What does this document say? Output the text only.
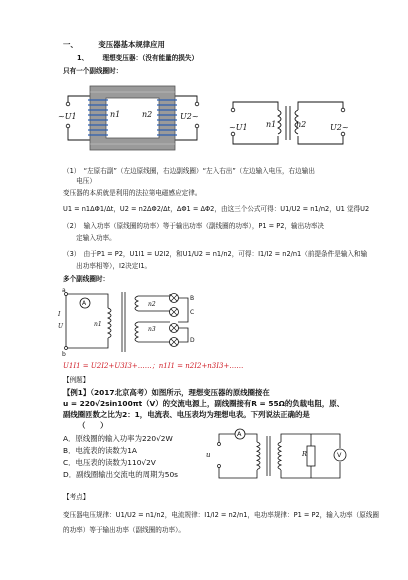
一、	变压器基本规律应用
1、 理想变压器：（没有能量的损失）
只有一个副线圈时：
~U1	U2~
n1	n2
~U1	U2~
n1 n2
（1）　“左原右副”（左边原线圈，右边副线圈）“左入右出”（左边输入电压，右边输出
　　电压）
变压器的本质就是利用的法拉第电磁感应定律。
U1 = n1ΔΦ1/Δt，U2 = n2ΔΦ2/Δt，ΔΦ1 = ΔΦ2，由这三个公式可得：U1/U2 = n1/n2，U1 觉得U2
（2）　输入功率（原线圈的功率）等于输出功率（副线圈的功率），P1 = P2，输出功率决
　　定输入功率。
（3）　由于P1 = P2，U1I1 = U2I2，和U1/U2 = n1/n2，可得：I1/I2 = n2/n1（前提条件是输入和输
　　出功率相等），I2决定I1。
多个副线圈时：
a
b
U
I
A
n1
n2
n3
B
C
D
U1I1 = U2I2+U3I3+……；n1I1 = n2I2+n3I3+……
【例题】
【例1】（2017北京高考）如图所示，理想变压器的原线圈接在
u = 220√2sin100πt（V）的交流电源上，副线圈接有R = 55Ω的负载电阻，原、
副线圈匝数之比为2：1，电流表、电压表均为理想电表。下列说法正确的是
（　　）
A．原线圈的输入功率为220√2W
B．电流表的读数为1A
C．电压表的读数为110√2V
D．副线圈输出交流电的周期为50s
A
V
R
u
【考点】
变压器电压规律：U1/U2 = n1/n2，电流规律：I1/I2 = n2/n1，电功率规律：P1 = P2，输入功率（原线圈
的功率）等于输出功率（副线圈的功率）。
